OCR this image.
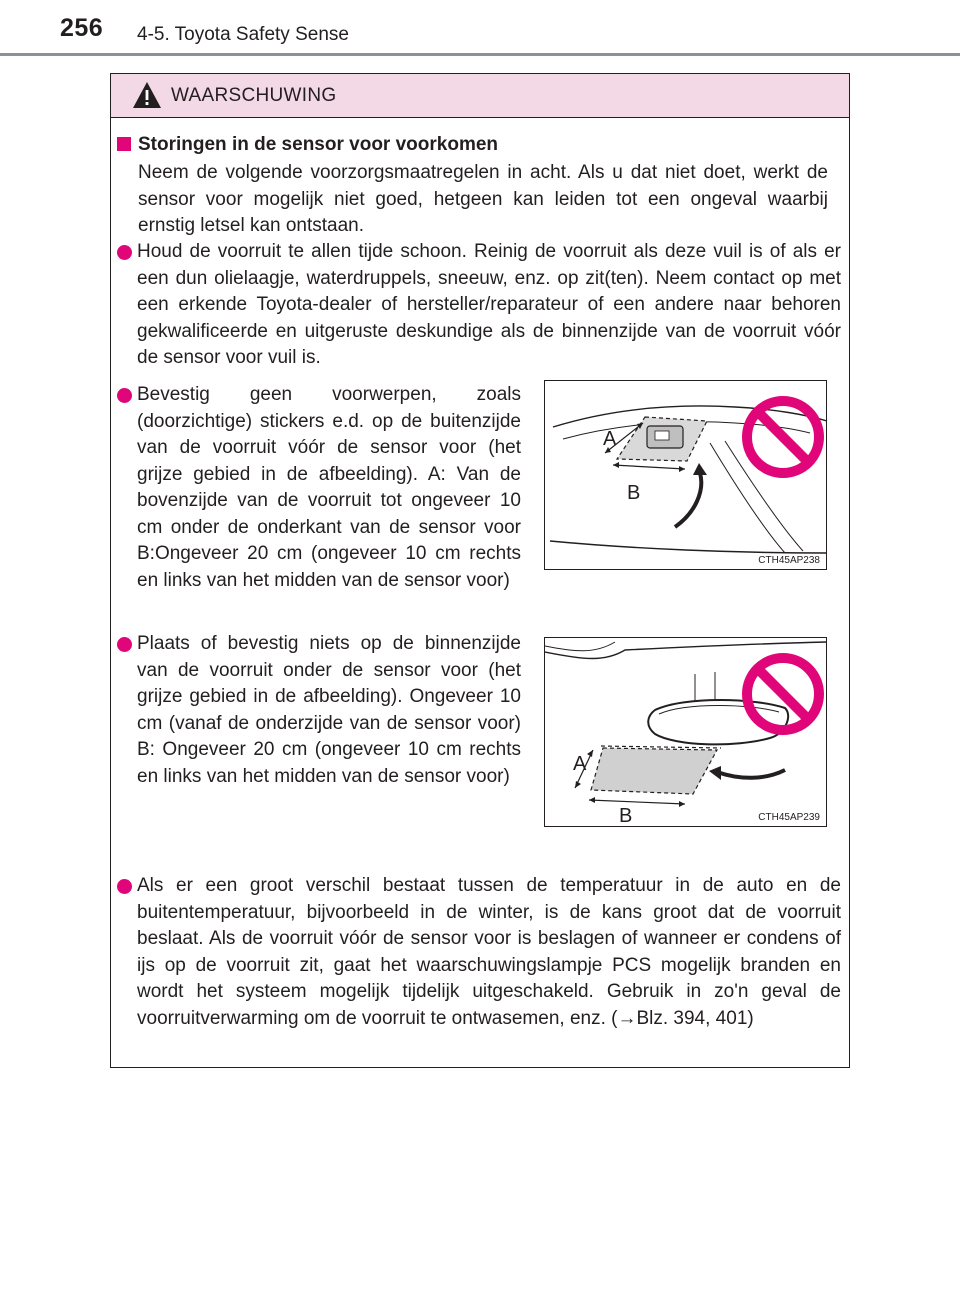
256 4-5. Toyota Safety Sense
WAARSCHUWING
Storingen in de sensor voor voorkomen
Neem de volgende voorzorgsmaatregelen in acht. Als u dat niet doet, werkt de sensor voor mogelijk niet goed, hetgeen kan leiden tot een ongeval waarbij ernstig letsel kan ontstaan.
Houd de voorruit te allen tijde schoon. Reinig de voorruit als deze vuil is of als er een dun olielaagje, waterdruppels, sneeuw, enz. op zit(ten). Neem contact op met een erkende Toyota-dealer of hersteller/reparateur of een andere naar behoren gekwalificeerde en uitgeruste deskundige als de binnenzijde van de voorruit vóór de sensor voor vuil is.
Bevestig geen voorwerpen, zoals (doorzichtige) stickers e.d. op de buitenzijde van de voorruit vóór de sensor voor (het grijze gebied in de afbeelding). A: Van de bovenzijde van de voorruit tot ongeveer 10 cm onder de onderkant van de sensor voor B:Ongeveer 20 cm (ongeveer 10 cm rechts en links van het midden van de sensor voor)
A
B
CTH45AP238
Plaats of bevestig niets op de binnenzijde van de voorruit onder de sensor voor (het grijze gebied in de afbeelding). Ongeveer 10 cm (vanaf de onderzijde van de sensor voor) B: Ongeveer 20 cm (ongeveer 10 cm rechts en links van het midden van de sensor voor)
A
B	CTH45AP239
Als er een groot verschil bestaat tussen de temperatuur in de auto en de buitentemperatuur, bijvoorbeeld in de winter, is de kans groot dat de voorruit beslaat. Als de voorruit vóór de sensor voor is beslagen of wanneer er condens of ijs op de voorruit zit, gaat het waarschuwingslampje PCS mogelijk branden en wordt het systeem mogelijk tijdelijk uitgeschakeld. Gebruik in zo'n geval de voorruitverwarming om de voorruit te ontwasemen, enz. (→Blz. 394, 401)
